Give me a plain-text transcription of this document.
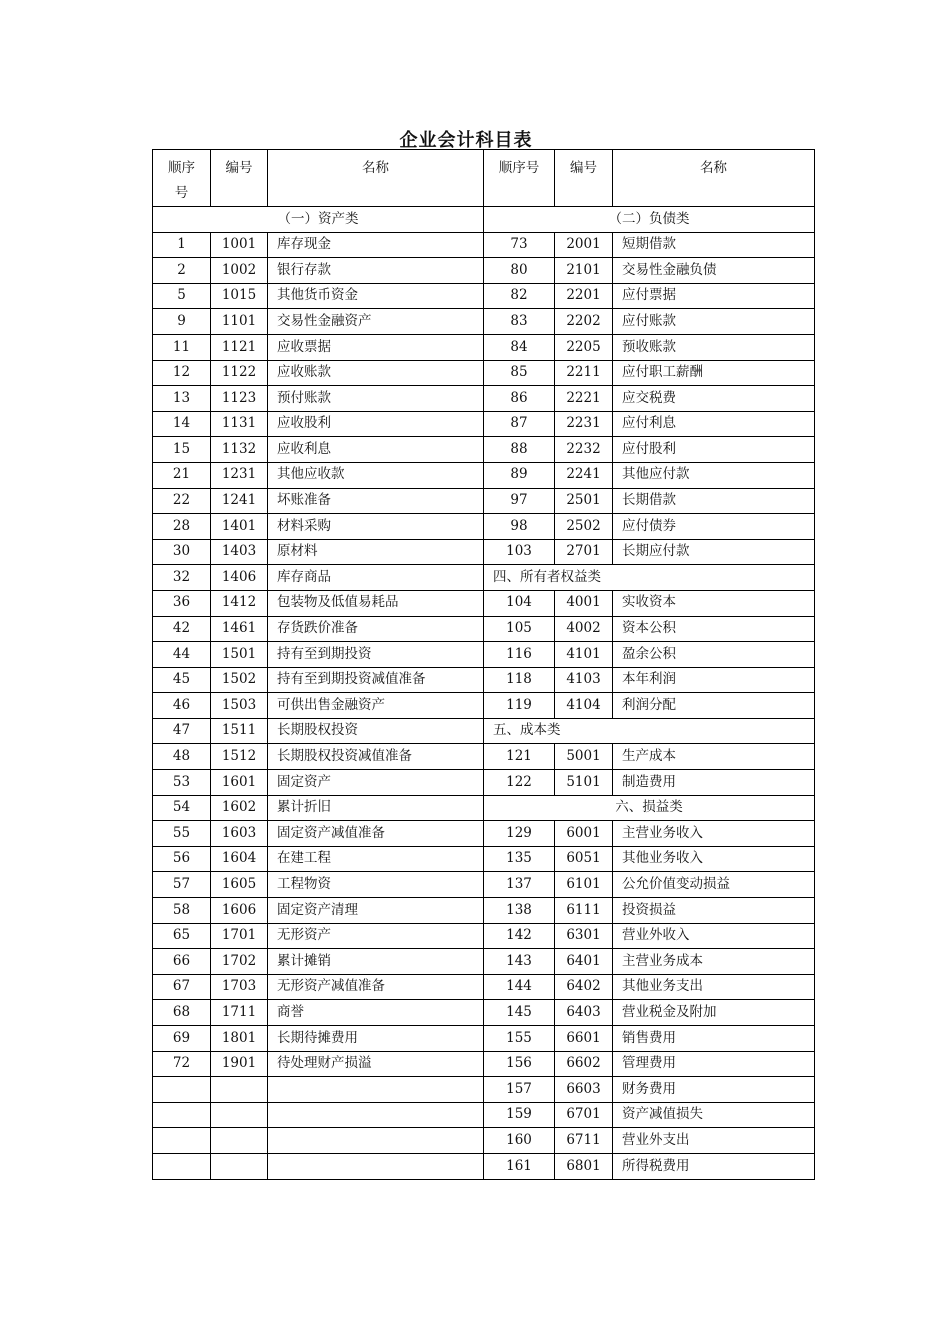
企业会计科目表
顺序号	编号	名称	顺序号	编号	名称
（一）资产类			（二）负债类		
1	1001	库存现金	73	2001	短期借款
2	1002	银行存款	80	2101	交易性金融负债
5	1015	其他货币资金	82	2201	应付票据
9	1101	交易性金融资产	83	2202	应付账款
11	1121	应收票据	84	2205	预收账款
12	1122	应收账款	85	2211	应付职工薪酬
13	1123	预付账款	86	2221	应交税费
14	1131	应收股利	87	2231	应付利息
15	1132	应收利息	88	2232	应付股利
21	1231	其他应收款	89	2241	其他应付款
22	1241	坏账准备	97	2501	长期借款
28	1401	材料采购	98	2502	应付债券
30	1403	原材料	103	2701	长期应付款
32	1406	库存商品	四、所有者权益类		
36	1412	包装物及低值易耗品	104	4001	实收资本
42	1461	存货跌价准备	105	4002	资本公积
44	1501	持有至到期投资	116	4101	盈余公积
45	1502	持有至到期投资减值准备	118	4103	本年利润
46	1503	可供出售金融资产	119	4104	利润分配
47	1511	长期股权投资	五、成本类		
48	1512	长期股权投资减值准备	121	5001	生产成本
53	1601	固定资产	122	5101	制造费用
54	1602	累计折旧	六、损益类		
55	1603	固定资产减值准备	129	6001	主营业务收入
56	1604	在建工程	135	6051	其他业务收入
57	1605	工程物资	137	6101	公允价值变动损益
58	1606	固定资产清理	138	6111	投资损益
65	1701	无形资产	142	6301	营业外收入
66	1702	累计摊销	143	6401	主营业务成本
67	1703	无形资产减值准备	144	6402	其他业务支出
68	1711	商誉	145	6403	营业税金及附加
69	1801	长期待摊费用	155	6601	销售费用
72	1901	待处理财产损溢	156	6602	管理费用
			157	6603	财务费用
			159	6701	资产减值损失
			160	6711	营业外支出
			161	6801	所得税费用
